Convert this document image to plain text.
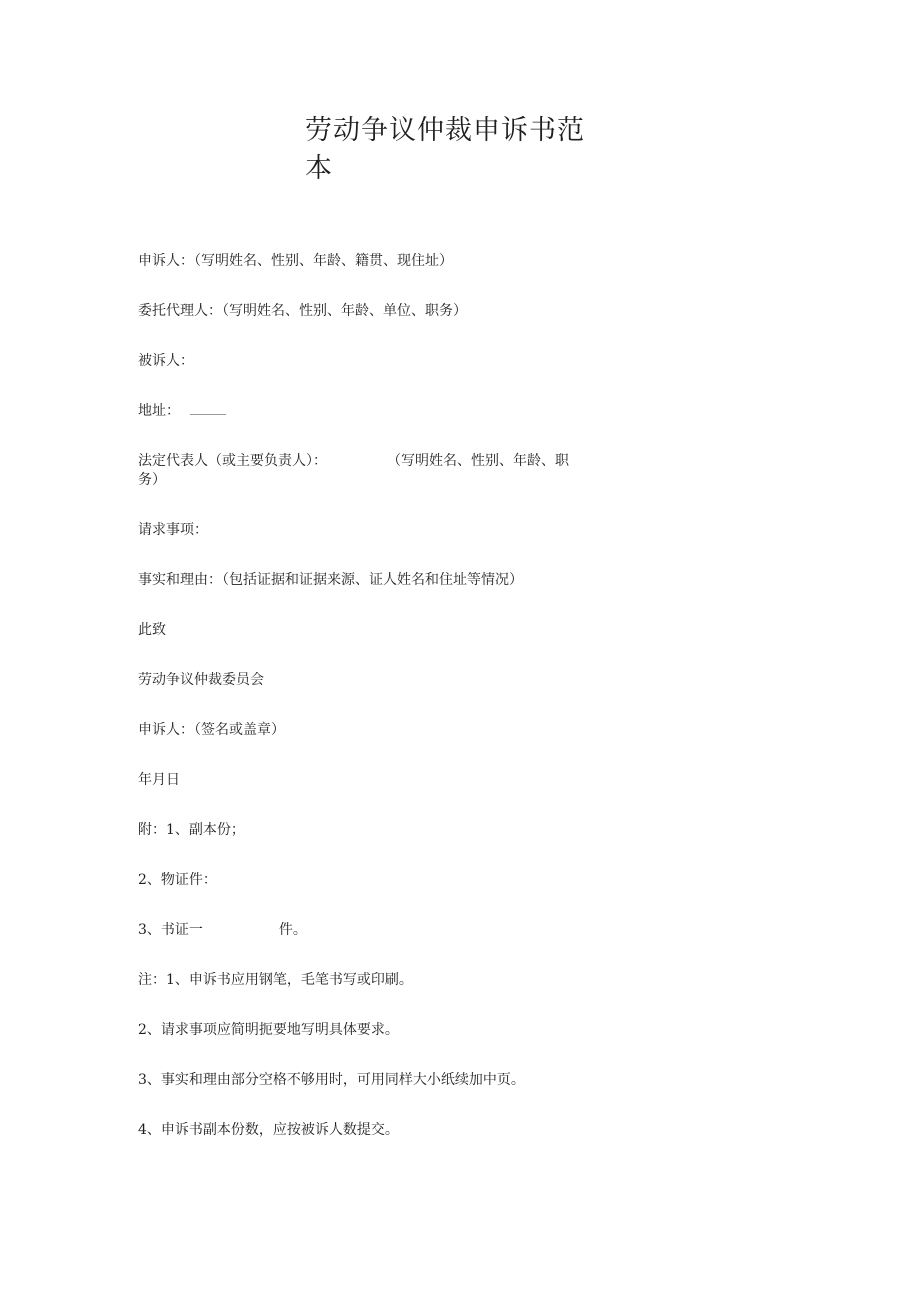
劳动争议仲裁申诉书范本
申诉人：（写明姓名、性别、年龄、籍贯、现住址）
委托代理人：（写明姓名、性别、年龄、单位、职务）
被诉人：
地址：
法定代表人（或主要负责人）：	（写明姓名、性别、年龄、职
务）
请求事项：
事实和理由：（包括证据和证据来源、证人姓名和住址等情况）
此致
劳动争议仲裁委员会
申诉人：（签名或盖章）
年月日
附：1、副本份；
2、物证件：
3、书证一	件。
注：1、申诉书应用钢笔，毛笔书写或印刷。
2、请求事项应简明扼要地写明具体要求。
3、事实和理由部分空格不够用时，可用同样大小纸续加中页。
4、申诉书副本份数，应按被诉人数提交。
